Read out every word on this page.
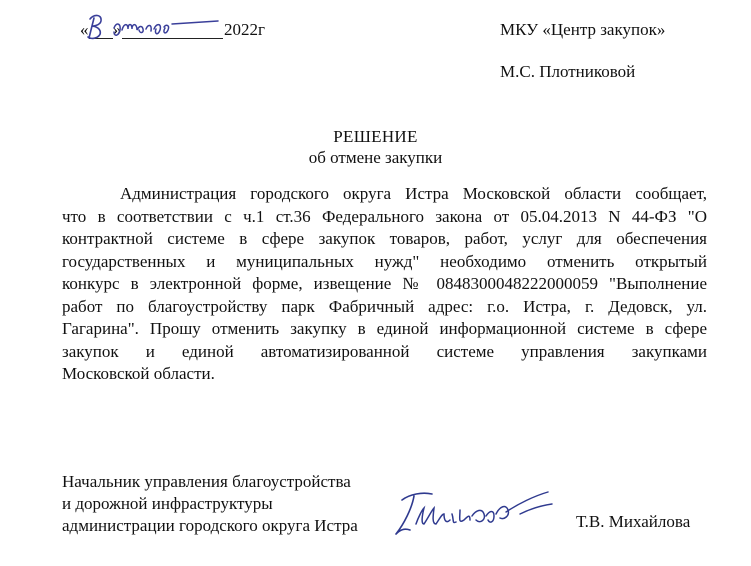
« »	2022г	МКУ «Центр закупок»
М.С. Плотниковой
РЕШЕНИЕ
об отмене закупки
Администрация городского округа Истра Московской области сообщает,
что в соответствии с ч.1 ст.36 Федерального закона от 05.04.2013 N 44-ФЗ "О
контрактной системе в сфере закупок товаров, работ, услуг для обеспечения
государственных и муниципальных нужд" необходимо отменить открытый
конкурс в электронной форме, извещение № 0848300048222000059 "Выполнение
работ по благоустройству парк Фабричный адрес: г.о. Истра, г. Дедовск, ул.
Гагарина". Прошу отменить закупку в единой информационной системе в сфере
закупок и единой автоматизированной системе управления закупками
Московской области.
Начальник управления благоустройства
и дорожной инфраструктуры
администрации городского округа Истра	Т.В. Михайлова
